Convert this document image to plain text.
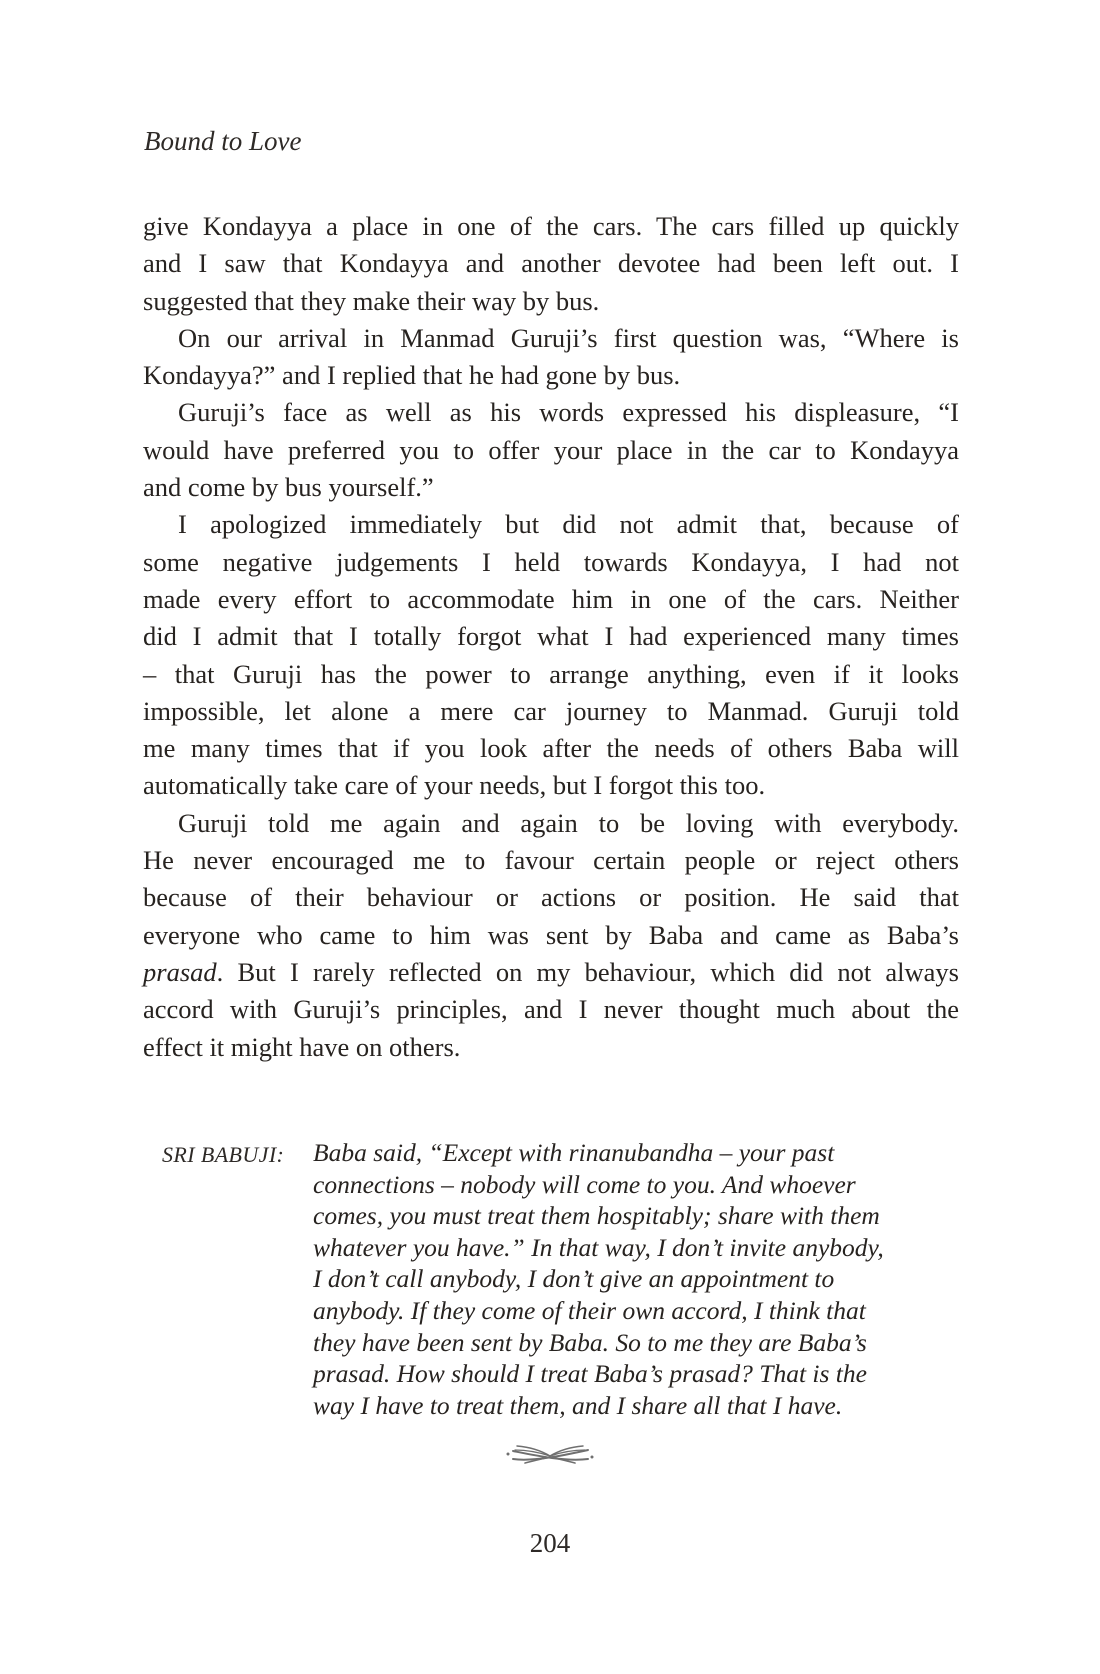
Bound to Love
give Kondayya a place in one of the cars. The cars filled up quickly
and I saw that Kondayya and another devotee had been left out. I
suggested that they make their way by bus.
On our arrival in Manmad Guruji’s first question was, “Where is
Kondayya?” and I replied that he had gone by bus.
Guruji’s face as well as his words expressed his displeasure, “I
would have preferred you to offer your place in the car to Kondayya
and come by bus yourself.”
I apologized immediately but did not admit that, because of
some negative judgements I held towards Kondayya, I had not
made every effort to accommodate him in one of the cars. Neither
did I admit that I totally forgot what I had experienced many times
– that Guruji has the power to arrange anything, even if it looks
impossible, let alone a mere car journey to Manmad. Guruji told
me many times that if you look after the needs of others Baba will
automatically take care of your needs, but I forgot this too.
Guruji told me again and again to be loving with everybody.
He never encouraged me to favour certain people or reject others
because of their behaviour or actions or position. He said that
everyone who came to him was sent by Baba and came as Baba’s
prasad. But I rarely reflected on my behaviour, which did not always
accord with Guruji’s principles, and I never thought much about the
effect it might have on others.
SRI BABUJI: Baba said, “Except with rinanubandha – your past
connections – nobody will come to you. And whoever
comes, you must treat them hospitably; share with them
whatever you have.” In that way, I don’t invite anybody,
I don’t call anybody, I don’t give an appointment to
anybody. If they come of their own accord, I think that
they have been sent by Baba. So to me they are Baba’s
prasad. How should I treat Baba’s prasad? That is the
way I have to treat them, and I share all that I have.
204
